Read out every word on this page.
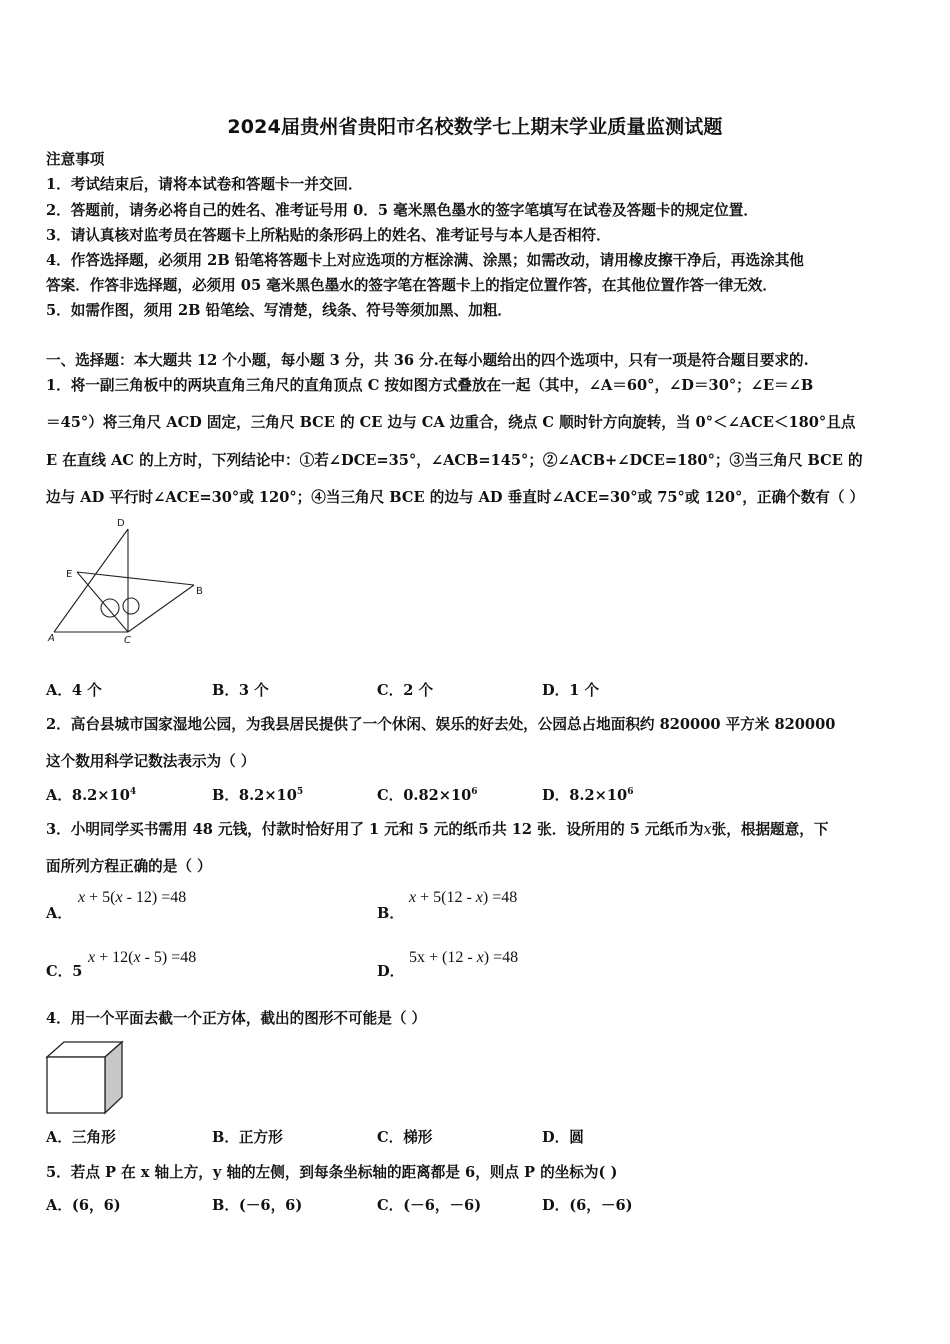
2024届贵州省贵阳市名校数学七上期末学业质量监测试题
注意事项
1．考试结束后，请将本试卷和答题卡一并交回．
2．答题前，请务必将自己的姓名、准考证号用 0．5 毫米黑色墨水的签字笔填写在试卷及答题卡的规定位置．
3．请认真核对监考员在答题卡上所粘贴的条形码上的姓名、准考证号与本人是否相符．
4．作答选择题，必须用 2B 铅笔将答题卡上对应选项的方框涂满、涂黑；如需改动，请用橡皮擦干净后，再选涂其他
答案．作答非选择题，必须用 05 毫米黑色墨水的签字笔在答题卡上的指定位置作答，在其他位置作答一律无效．
5．如需作图，须用 2B 铅笔绘、写清楚，线条、符号等须加黑、加粗．
一、选择题：本大题共 12 个小题，每小题 3 分，共 36 分.在每小题给出的四个选项中，只有一项是符合题目要求的.
1．将一副三角板中的两块直角三角尺的直角顶点 C 按如图方式叠放在一起（其中，∠A＝60°，∠D＝30°；∠E＝∠B
＝45°）将三角尺 ACD 固定，三角尺 BCE 的 CE 边与 CA 边重合，绕点 C 顺时针方向旋转，当 0°＜∠ACE＜180°且点
E 在直线 AC 的上方时，下列结论中：①若∠DCE=35°，∠ACB=145°；②∠ACB+∠DCE=180°；③当三角尺 BCE 的
边与 AD 平行时∠ACE=30°或 120°；④当三角尺 BCE 的边与 AD 垂直时∠ACE=30°或 75°或 120°，正确个数有（ ）
D
E
B
A	C
A．4 个	B．3 个	C．2 个	D．1 个
2．高台县城市国家湿地公园，为我县居民提供了一个休闲、娱乐的好去处，公园总占地面积约 820000 平方米 820000
这个数用科学记数法表示为（ ）
A．$8.2\times 10^4$	B．$8.2\times 10^5$	C．$0.82\times 10^6$	D．$8.2\times 10^6$
3．小明同学买书需用 48 元钱，付款时恰好用了 1 元和 5 元的纸币共 12 张．设所用的 5 元纸币为x张，根据题意，下
面所列方程正确的是（ ）
A．
x + 5(x - 12) =48
B．
x + 5(12 - x) =48
C．5
x + 12(x - 5) =48
D．
5x + (12 - x) =48
4．用一个平面去截一个正方体，截出的图形不可能是（ ）
A．三角形	B．正方形	C．梯形	D．圆
5．若点 P 在 x 轴上方，y 轴的左侧，到每条坐标轴的距离都是 6，则点 P 的坐标为( )
A．(6，6)	B．(－6，6)	C．(－6，－6)	D．(6，－6)
